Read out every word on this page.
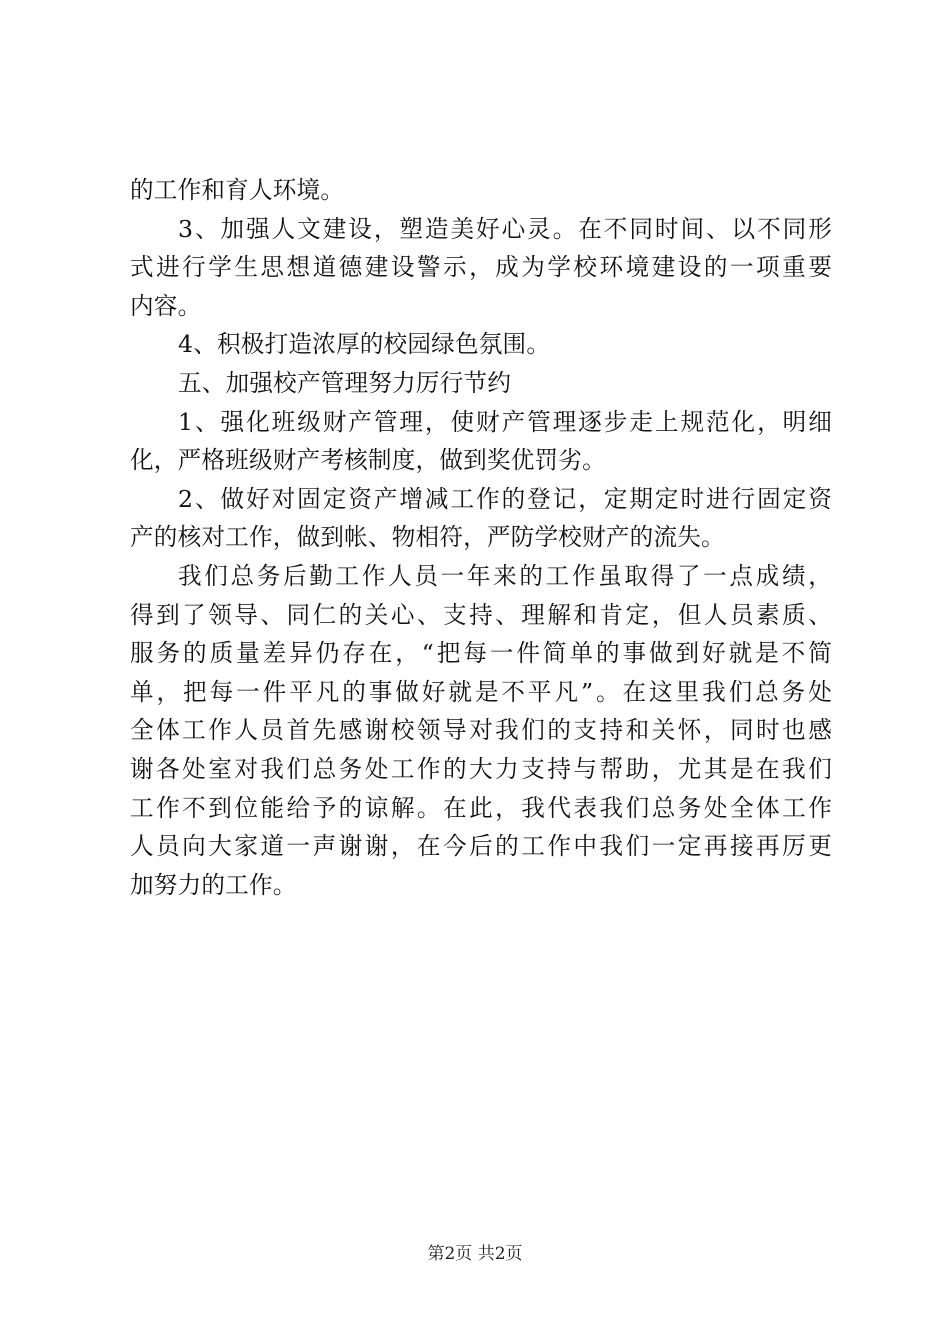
的工作和育人环境。
3、加强人文建设，塑造美好心灵。在不同时间、以不同形
式进行学生思想道德建设警示，成为学校环境建设的一项重要
内容。
4、积极打造浓厚的校园绿色氛围。
五、加强校产管理努力厉行节约
1、强化班级财产管理，使财产管理逐步走上规范化，明细
化，严格班级财产考核制度，做到奖优罚劣。
2、做好对固定资产增减工作的登记，定期定时进行固定资
产的核对工作，做到帐、物相符，严防学校财产的流失。
我们总务后勤工作人员一年来的工作虽取得了一点成绩，
得到了领导、同仁的关心、支持、理解和肯定，但人员素质、
服务的质量差异仍存在，“把每一件简单的事做到好就是不简
单，把每一件平凡的事做好就是不平凡”。在这里我们总务处
全体工作人员首先感谢校领导对我们的支持和关怀，同时也感
谢各处室对我们总务处工作的大力支持与帮助，尤其是在我们
工作不到位能给予的谅解。在此，我代表我们总务处全体工作
人员向大家道一声谢谢，在今后的工作中我们一定再接再厉更
加努力的工作。
第2页 共2页
